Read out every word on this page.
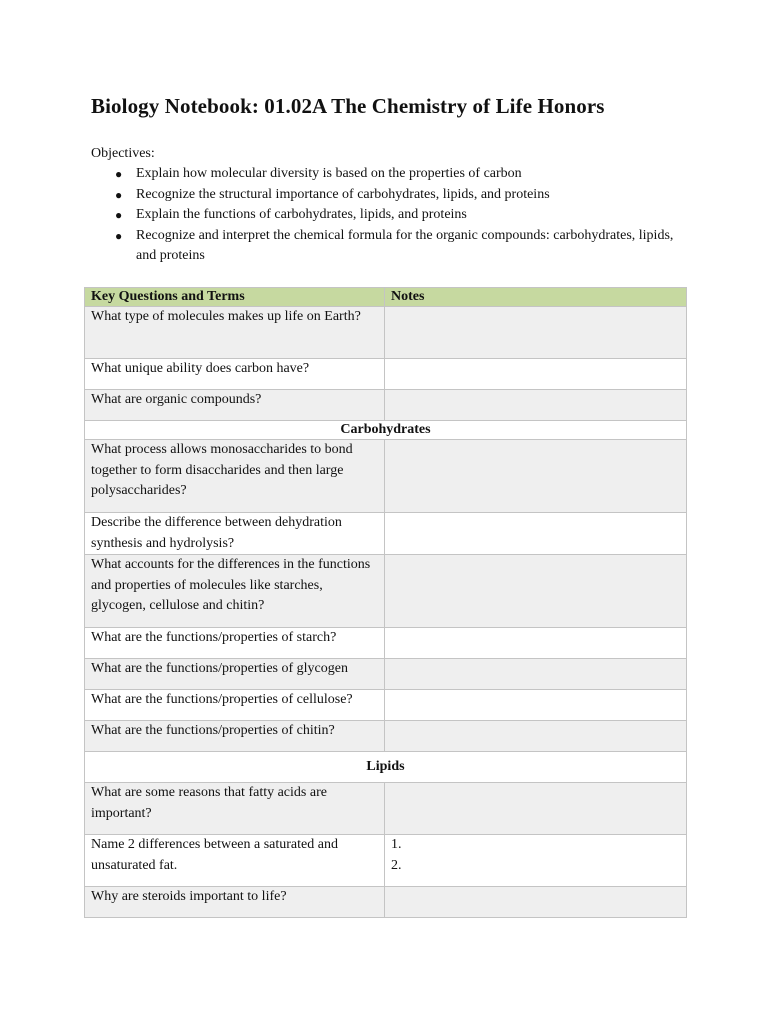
Biology Notebook: 01.02A The Chemistry of Life Honors
Objectives:
● Explain how molecular diversity is based on the properties of carbon
● Recognize the structural importance of carbohydrates, lipids, and proteins
● Explain the functions of carbohydrates, lipids, and proteins
● Recognize and interpret the chemical formula for the organic compounds: carbohydrates, lipids, and proteins
Key Questions and Terms	Notes
What type of molecules makes up life on Earth?	
What unique ability does carbon have?	
What are organic compounds?	
Carbohydrates	
What process allows monosaccharides to bond together to form disaccharides and then large polysaccharides?	
Describe the difference between dehydration synthesis and hydrolysis?	
What accounts for the differences in the functions and properties of molecules like starches, glycogen, cellulose and chitin?	
What are the functions/properties of starch?	
What are the functions/properties of glycogen	
What are the functions/properties of cellulose?	
What are the functions/properties of chitin?	
Lipids	
What are some reasons that fatty acids are important?	
Name 2 differences between a saturated and unsaturated fat.	1.
2.

Why are steroids important to life?	
